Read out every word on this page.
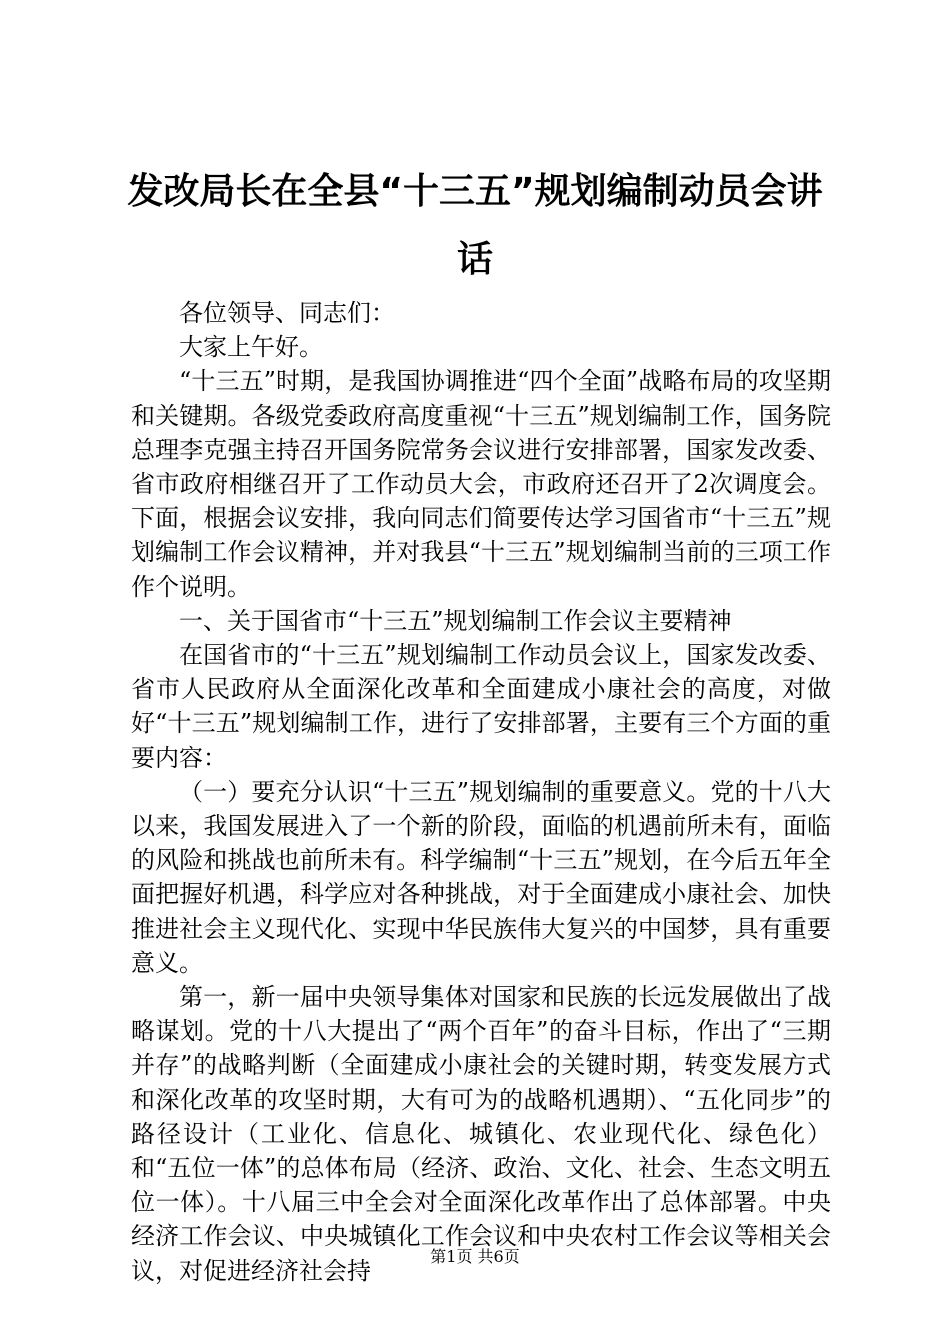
发改局长在全县“十三五”规划编制动员会讲话

各位领导、同志们：

大家上午好。

“十三五”时期，是我国协调推进“四个全面”战略布局的攻坚期和关键期。各级党委政府高度重视“十三五”规划编制工作，国务院总理李克强主持召开国务院常务会议进行安排部署，国家发改委、省市政府相继召开了工作动员大会，市政府还召开了2次调度会。下面，根据会议安排，我向同志们简要传达学习国省市“十三五”规划编制工作会议精神，并对我县“十三五”规划编制当前的三项工作作个说明。

一、关于国省市“十三五”规划编制工作会议主要精神

在国省市的“十三五”规划编制工作动员会议上，国家发改委、省市人民政府从全面深化改革和全面建成小康社会的高度，对做好“十三五”规划编制工作，进行了安排部署，主要有三个方面的重要内容：

（一）要充分认识“十三五”规划编制的重要意义。党的十八大以来，我国发展进入了一个新的阶段，面临的机遇前所未有，面临的风险和挑战也前所未有。科学编制“十三五”规划，在今后五年全面把握好机遇，科学应对各种挑战，对于全面建成小康社会、加快推进社会主义现代化、实现中华民族伟大复兴的中国梦，具有重要意义。

第一，新一届中央领导集体对国家和民族的长远发展做出了战略谋划。党的十八大提出了“两个百年”的奋斗目标，作出了“三期并存”的战略判断（全面建成小康社会的关键时期，转变发展方式和深化改革的攻坚时期，大有可为的战略机遇期）、“五化同步”的路径设计（工业化、信息化、城镇化、农业现代化、绿色化）和“五位一体”的总体布局（经济、政治、文化、社会、生态文明五位一体）。十八届三中全会对全面深化改革作出了总体部署。中央经济工作会议、中央城镇化工作会议和中央农村工作会议等相关会议，对促进经济社会持

第1页 共6页
